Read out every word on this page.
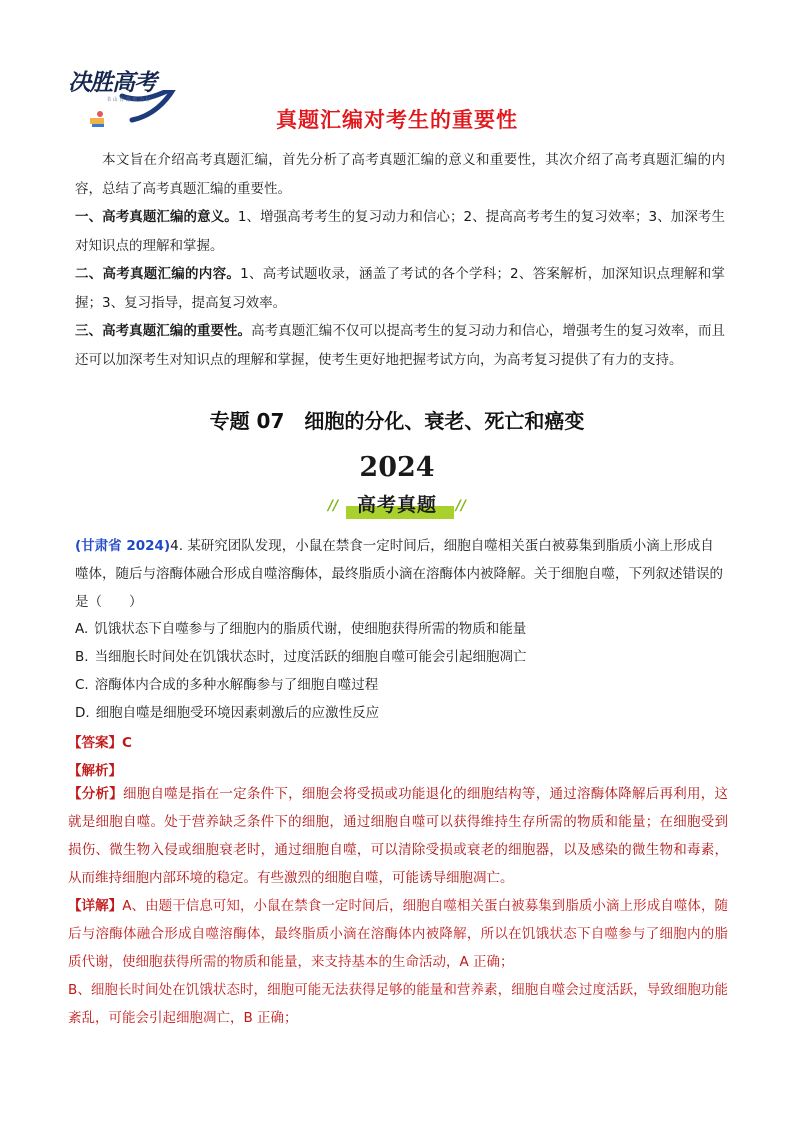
决胜高考
书 山 有 路 勤 为 径
真题汇编对考生的重要性

本文旨在介绍高考真题汇编，首先分析了高考真题汇编的意义和重要性，其次介绍了高考真题汇编的内容，总结了高考真题汇编的重要性。

一、高考真题汇编的意义。1、增强高考考生的复习动力和信心；2、提高高考考生的复习效率；3、加深考生对知识点的理解和掌握。

二、高考真题汇编的内容。1、高考试题收录，涵盖了考试的各个学科；2、答案解析，加深知识点理解和掌握；3、复习指导，提高复习效率。

三、高考真题汇编的重要性。高考真题汇编不仅可以提高考生的复习动力和信心，增强考生的复习效率，而且还可以加深考生对知识点的理解和掌握，使考生更好地把握考试方向，为高考复习提供了有力的支持。

专题 07　细胞的分化、衰老、死亡和癌变
2024
// 高考真题	//

(甘肃省 2024)4. 某研究团队发现，小鼠在禁食一定时间后，细胞自噬相关蛋白被募集到脂质小滴上形成自噬体，随后与溶酶体融合形成自噬溶酶体，最终脂质小滴在溶酶体内被降解。关于细胞自噬，下列叙述错误的是（　　）

A. 饥饿状态下自噬参与了细胞内的脂质代谢，使细胞获得所需的物质和能量
B. 当细胞长时间处在饥饿状态时，过度活跃的细胞自噬可能会引起细胞凋亡
C. 溶酶体内合成的多种水解酶参与了细胞自噬过程
D. 细胞自噬是细胞受环境因素刺激后的应激性反应
【答案】C
【解析】

【分析】细胞自噬是指在一定条件下，细胞会将受损或功能退化的细胞结构等，通过溶酶体降解后再利用，这就是细胞自噬。处于营养缺乏条件下的细胞，通过细胞自噬可以获得维持生存所需的物质和能量；在细胞受到损伤、微生物入侵或细胞衰老时，通过细胞自噬，可以清除受损或衰老的细胞器，以及感染的微生物和毒素，从而维持细胞内部环境的稳定。有些激烈的细胞自噬，可能诱导细胞凋亡。

【详解】A、由题干信息可知，小鼠在禁食一定时间后，细胞自噬相关蛋白被募集到脂质小滴上形成自噬体，随后与溶酶体融合形成自噬溶酶体，最终脂质小滴在溶酶体内被降解，所以在饥饿状态下自噬参与了细胞内的脂质代谢，使细胞获得所需的物质和能量，来支持基本的生命活动，A 正确；

B、细胞长时间处在饥饿状态时，细胞可能无法获得足够的能量和营养素，细胞自噬会过度活跃，导致细胞功能紊乱，可能会引起细胞凋亡，B 正确；
